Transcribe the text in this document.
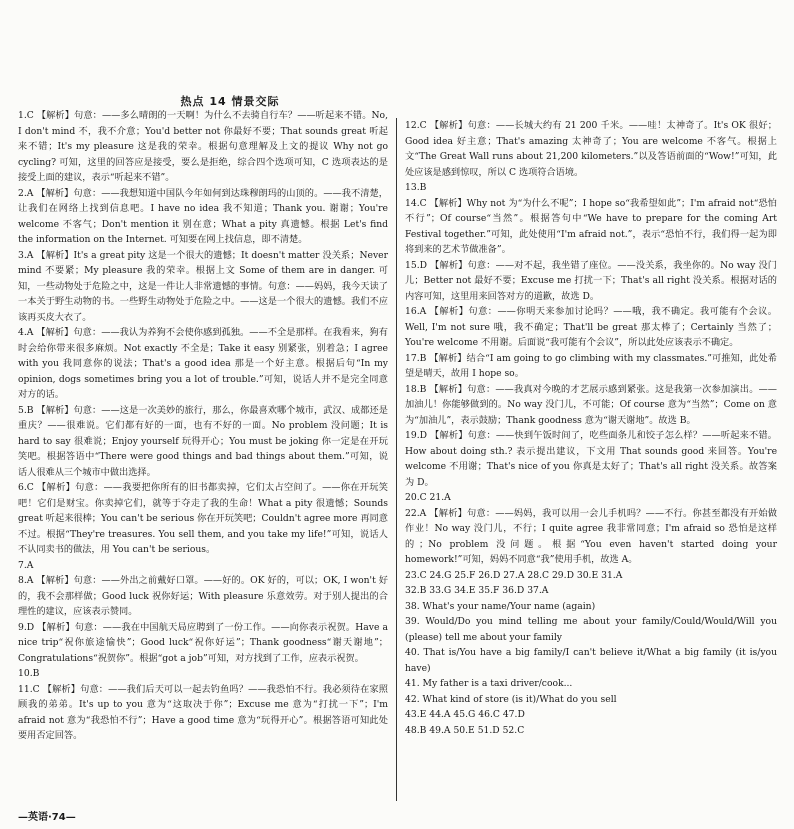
热点 14 情景交际

1.C 【解析】句意：——多么晴朗的一天啊！为什么不去骑自行车？——听起来不错。No, I don't mind 不，我不介意；You'd better not 你最好不要；That sounds great 听起来不错；It's my pleasure 这是我的荣幸。根据句意理解及上文的提议 Why not go cycling? 可知，这里的回答应是接受，要么是拒绝，综合四个选项可知，C 选项表达的是接受上面的建议，表示“听起来不错”。

2.A 【解析】句意：——我想知道中国队今年如何到达珠穆朗玛的山顶的。——我不清楚，让我们在网络上找到信息吧。I have no idea 我不知道；Thank you. 谢谢；You're welcome 不客气；Don't mention it 别在意；What a pity 真遗憾。根据 Let's find the information on the Internet. 可知要在网上找信息，即不清楚。

3.A 【解析】It's a great pity 这是一个很大的遗憾；It doesn't matter 没关系；Never mind 不要紧；My pleasure 我的荣幸。根据上文 Some of them are in danger. 可知，一些动物处于危险之中，这是一件让人非常遗憾的事情。句意：——妈妈，我今天读了一本关于野生动物的书。一些野生动物处于危险之中。——这是一个很大的遗憾。我们不应该再买皮大衣了。

4.A 【解析】句意：——我认为养狗不会使你感到孤独。——不全是那样。在我看来，狗有时会给你带来很多麻烦。Not exactly 不全是；Take it easy 别紧张，别着急；I agree with you 我同意你的说法；That's a good idea 那是一个好主意。根据后句“In my opinion, dogs sometimes bring you a lot of trouble.”可知，说话人并不是完全同意对方的话。

5.B 【解析】句意：——这是一次美妙的旅行，那么，你最喜欢哪个城市，武汉、成都还是重庆？——很难说。它们都有好的一面，也有不好的一面。No problem 没问题；It is hard to say 很难说；Enjoy yourself 玩得开心；You must be joking 你一定是在开玩笑吧。根据答语中“There were good things and bad things about them.”可知，说话人很难从三个城市中做出选择。

6.C 【解析】句意：——我要把你所有的旧书都卖掉，它们太占空间了。——你在开玩笑吧！它们是财宝。你卖掉它们，就等于夺走了我的生命！What a pity 很遗憾；Sounds great 听起来很棒；You can't be serious 你在开玩笑吧；Couldn't agree more 再同意不过。根据“They're treasures. You sell them, and you take my life!”可知，说话人不认同卖书的做法，用 You can't be serious。

7.A

8.A 【解析】句意：——外出之前戴好口罩。——好的。OK 好的，可以；OK, I won't 好的，我不会那样做；Good luck 祝你好运；With pleasure 乐意效劳。对于别人提出的合理性的建议，应该表示赞同。

9.D 【解析】句意：——我在中国航天局应聘到了一份工作。——向你表示祝贺。Have a nice trip“祝你旅途愉快”；Good luck“祝你好运”；Thank goodness“谢天谢地”；Congratulations“祝贺你”。根据“got a job”可知，对方找到了工作，应表示祝贺。

10.B

11.C 【解析】句意：——我们后天可以一起去钓鱼吗？——我恐怕不行。我必须待在家照顾我的弟弟。It's up to you 意为“这取决于你”；Excuse me 意为“打扰一下”；I'm afraid not 意为“我恐怕不行”；Have a good time 意为“玩得开心”。根据答语可知此处要用否定回答。

12.C 【解析】句意：——长城大约有 21 200 千米。——哇！太神奇了。It's OK 很好；Good idea 好主意；That's amazing 太神奇了；You are welcome 不客气。根据上文“The Great Wall runs about 21,200 kilometers.”以及答语前面的“Wow!”可知，此处应该是感到惊叹，所以 C 选项符合语境。

13.B

14.C 【解析】Why not 为“为什么不呢”；I hope so“我希望如此”；I'm afraid not“恐怕不行”；Of course“当然”。根据答句中“We have to prepare for the coming Art Festival together.”可知，此处使用“I'm afraid not.”，表示“恐怕不行，我们得一起为即将到来的艺术节做准备”。

15.D 【解析】句意：——对不起，我坐错了座位。——没关系，我坐你的。No way 没门儿；Better not 最好不要；Excuse me 打扰一下；That's all right 没关系。根据对话的内容可知，这里用来回答对方的道歉，故选 D。

16.A 【解析】句意：——你明天来参加讨论吗？——哦，我不确定。我可能有个会议。Well, I'm not sure 哦，我不确定；That'll be great 那太棒了；Certainly 当然了；You're welcome 不用谢。后面说“我可能有个会议”，所以此处应该表示不确定。

17.B 【解析】结合“I am going to go climbing with my classmates.”可推知，此处希望是晴天，故用 I hope so。

18.B 【解析】句意：——我真对今晚的才艺展示感到紧张。这是我第一次参加演出。——加油儿！你能够做到的。No way 没门儿，不可能；Of course 意为“当然”；Come on 意为“加油儿”，表示鼓励；Thank goodness 意为“谢天谢地”。故选 B。

19.D 【解析】句意：——快到午饭时间了，吃些面条儿和饺子怎么样？——听起来不错。How about doing sth.? 表示提出建议，下文用 That sounds good 来回答。You're welcome 不用谢；That's nice of you 你真是太好了；That's all right 没关系。故答案为 D。

20.C 21.A

22.A 【解析】句意：——妈妈，我可以用一会儿手机吗？——不行。你甚至都没有开始做作业！No way 没门儿，不行；I quite agree 我非常同意；I'm afraid so 恐怕是这样的；No problem 没问题。根据“You even haven't started doing your homework!”可知，妈妈不同意“我”使用手机，故选 A。

23.C 24.G 25.F 26.D 27.A 28.C 29.D 30.E 31.A

32.B 33.G 34.E 35.F 36.D 37.A

38. What's your name/Your name (again)

39. Would/Do you mind telling me about your family/Could/Would/Will you (please) tell me about your family

40. That is/You have a big family/I can't believe it/What a big family (it is/you have)

41. My father is a taxi driver/cook...

42. What kind of store (is it)/What do you sell

43.E 44.A 45.G 46.C 47.D

48.B 49.A 50.E 51.D 52.C

—英语·74—
